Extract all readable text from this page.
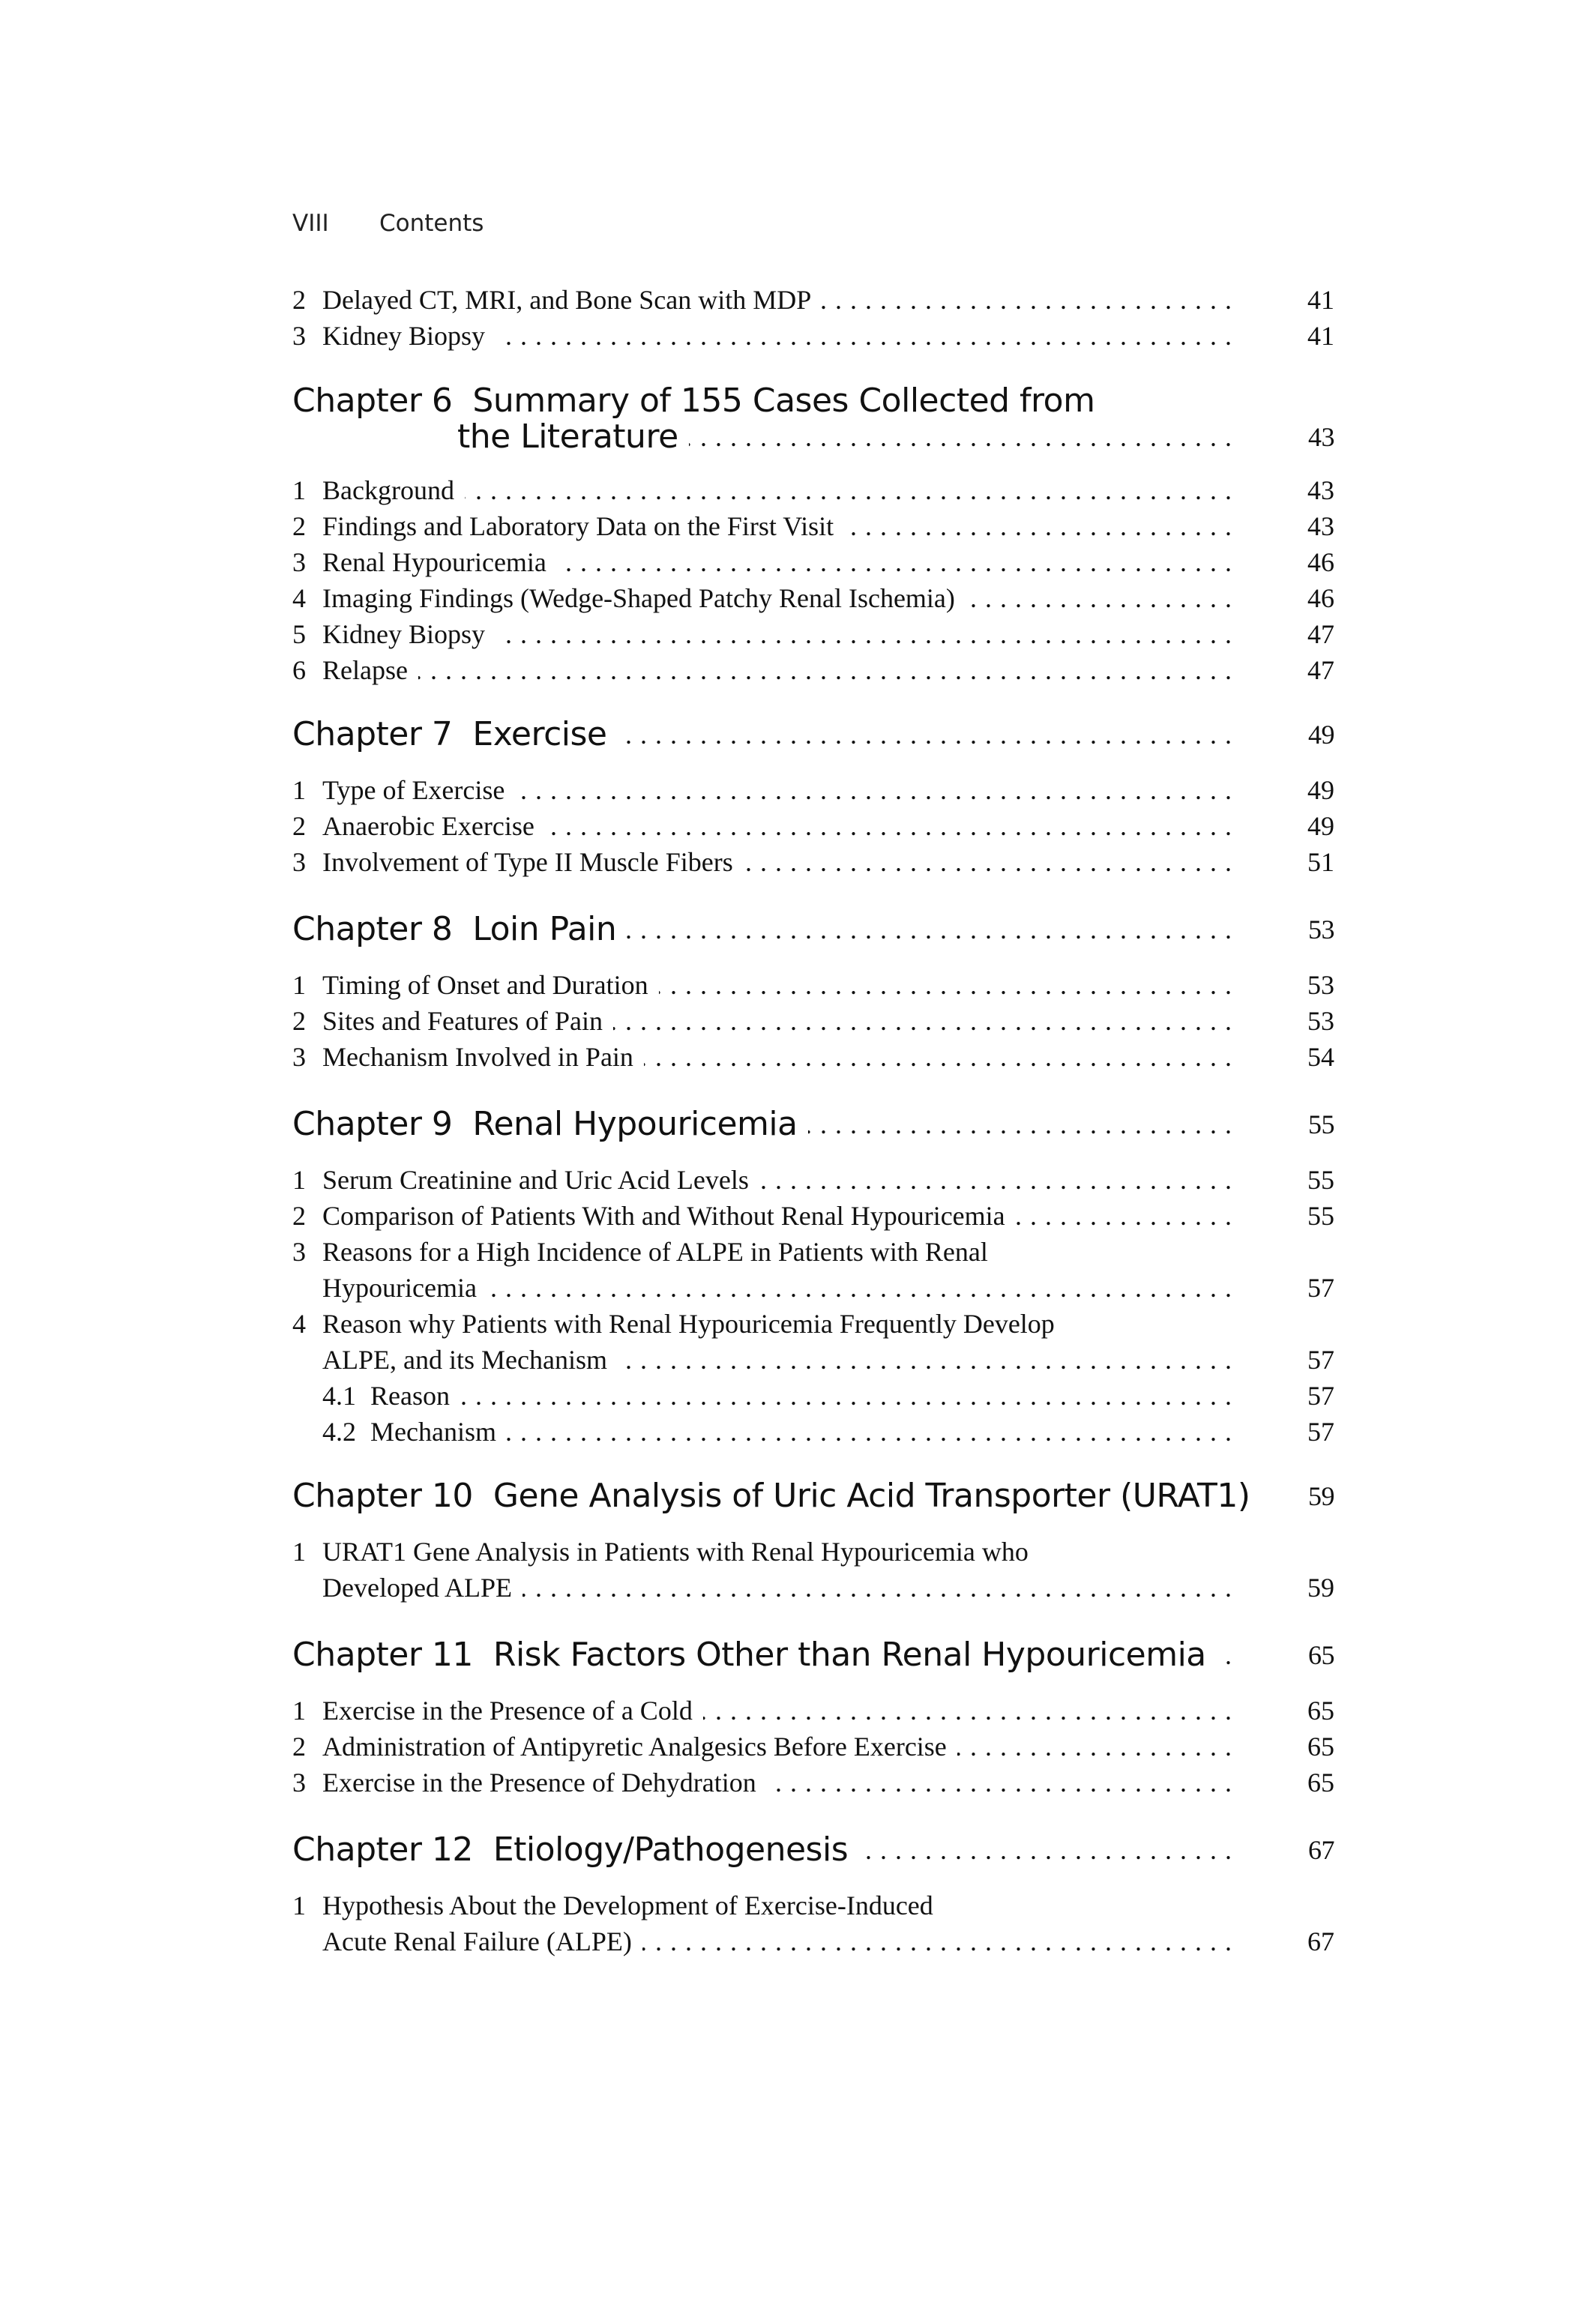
VIII	Contents
2 Delayed CT, MRI, and Bone Scan with MDP . . .	41
3 Kidney Biopsy . . .	41
Chapter 6 Summary of 155 Cases Collected from
the Literature . . .	43
1 Background . . .	43
2 Findings and Laboratory Data on the First Visit . . .	43
3 Renal Hypouricemia . . .	46
4 Imaging Findings (Wedge-Shaped Patchy Renal Ischemia) . . .	46
5 Kidney Biopsy . . .	47
6 Relapse . . .	47
Chapter 7
Exercise . . .	49
1 Type of Exercise . . .	49
2 Anaerobic Exercise . . .	49
3 Involvement of Type II Muscle Fibers . . .	51
Chapter 8
Loin Pain . . .	53
1 Timing of Onset and Duration . . .	53
2 Sites and Features of Pain . . .	53
3 Mechanism Involved in Pain . . .	54
Chapter 9
Renal Hypouricemia . . .	55
1 Serum Creatinine and Uric Acid Levels . . .	55
2 Comparison of Patients With and Without Renal Hypouricemia . . .	55
3 Reasons for a High Incidence of ALPE in Patients with Renal
Hypouricemia . . .	57
4 Reason why Patients with Renal Hypouricemia Frequently Develop
ALPE, and its Mechanism . . .	57
4.1 Reason . . .	57
4.2 Mechanism . . .	57
Chapter 10
Gene Analysis of Uric Acid Transporter (URAT1)	59
1 URAT1 Gene Analysis in Patients with Renal Hypouricemia who
Developed ALPE . . .	59
Chapter 11
Risk Factors Other than Renal Hypouricemia . . .	65
1 Exercise in the Presence of a Cold . . .	65
2 Administration of Antipyretic Analgesics Before Exercise . . .	65
3 Exercise in the Presence of Dehydration . . .	65
Chapter 12
Etiology/Pathogenesis . . .	67
1 Hypothesis About the Development of Exercise-Induced
Acute Renal Failure (ALPE) . . .	67
